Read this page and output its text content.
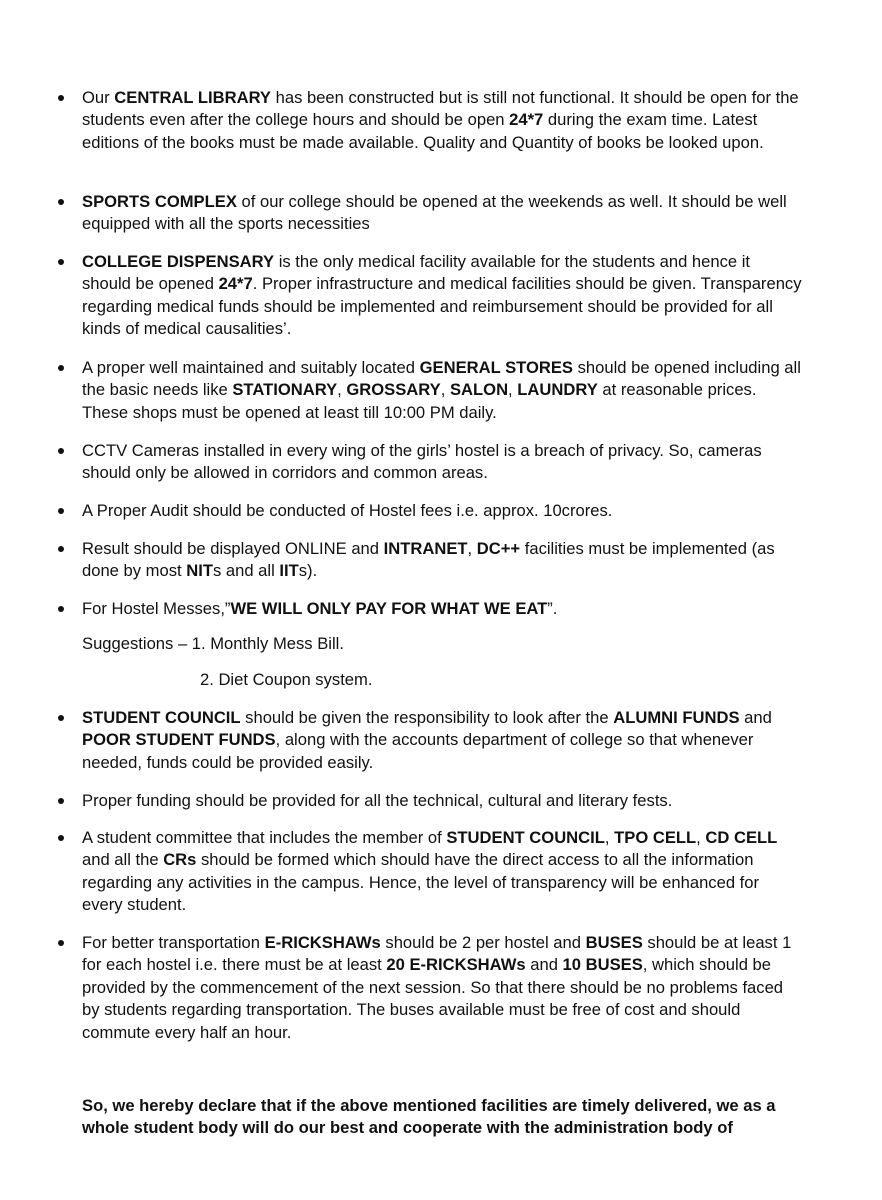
Our CENTRAL LIBRARY has been constructed but is still not functional. It should be open for the students even after the college hours and should be open 24*7 during the exam time. Latest editions of the books must be made available. Quality and Quantity of books be looked upon.
SPORTS COMPLEX of our college should be opened at the weekends as well. It should be well equipped with all the sports necessities
COLLEGE DISPENSARY is the only medical facility available for the students and hence it should be opened 24*7. Proper infrastructure and medical facilities should be given. Transparency regarding medical funds should be implemented and reimbursement should be provided for all kinds of medical causalities’.
A proper well maintained and suitably located GENERAL STORES should be opened including all the basic needs like STATIONARY, GROSSARY, SALON, LAUNDRY at reasonable prices. These shops must be opened at least till 10:00 PM daily.
CCTV Cameras installed in every wing of the girls’ hostel is a breach of privacy. So, cameras should only be allowed in corridors and common areas.
A Proper Audit should be conducted of Hostel fees i.e. approx. 10crores.
Result should be displayed ONLINE and INTRANET, DC++ facilities must be implemented (as done by most NITs and all IITs).
For Hostel Messes,”WE WILL ONLY PAY FOR WHAT WE EAT”.
Suggestions – 1. Monthly Mess Bill.
2. Diet Coupon system.
STUDENT COUNCIL should be given the responsibility to look after the ALUMNI FUNDS and POOR STUDENT FUNDS, along with the accounts department of college so that whenever needed, funds could be provided easily.
Proper funding should be provided for all the technical, cultural and literary fests.
A student committee that includes the member of STUDENT COUNCIL, TPO CELL, CD CELL and all the CRs should be formed which should have the direct access to all the information regarding any activities in the campus. Hence, the level of transparency will be enhanced for every student.
For better transportation E-RICKSHAWs should be 2 per hostel and BUSES should be at least 1 for each hostel i.e. there must be at least 20 E-RICKSHAWs and 10 BUSES, which should be provided by the commencement of the next session. So that there should be no problems faced by students regarding transportation. The buses available must be free of cost and should commute every half an hour.
So, we hereby declare that if the above mentioned facilities are timely delivered, we as a whole student body will do our best and cooperate with the administration body of
